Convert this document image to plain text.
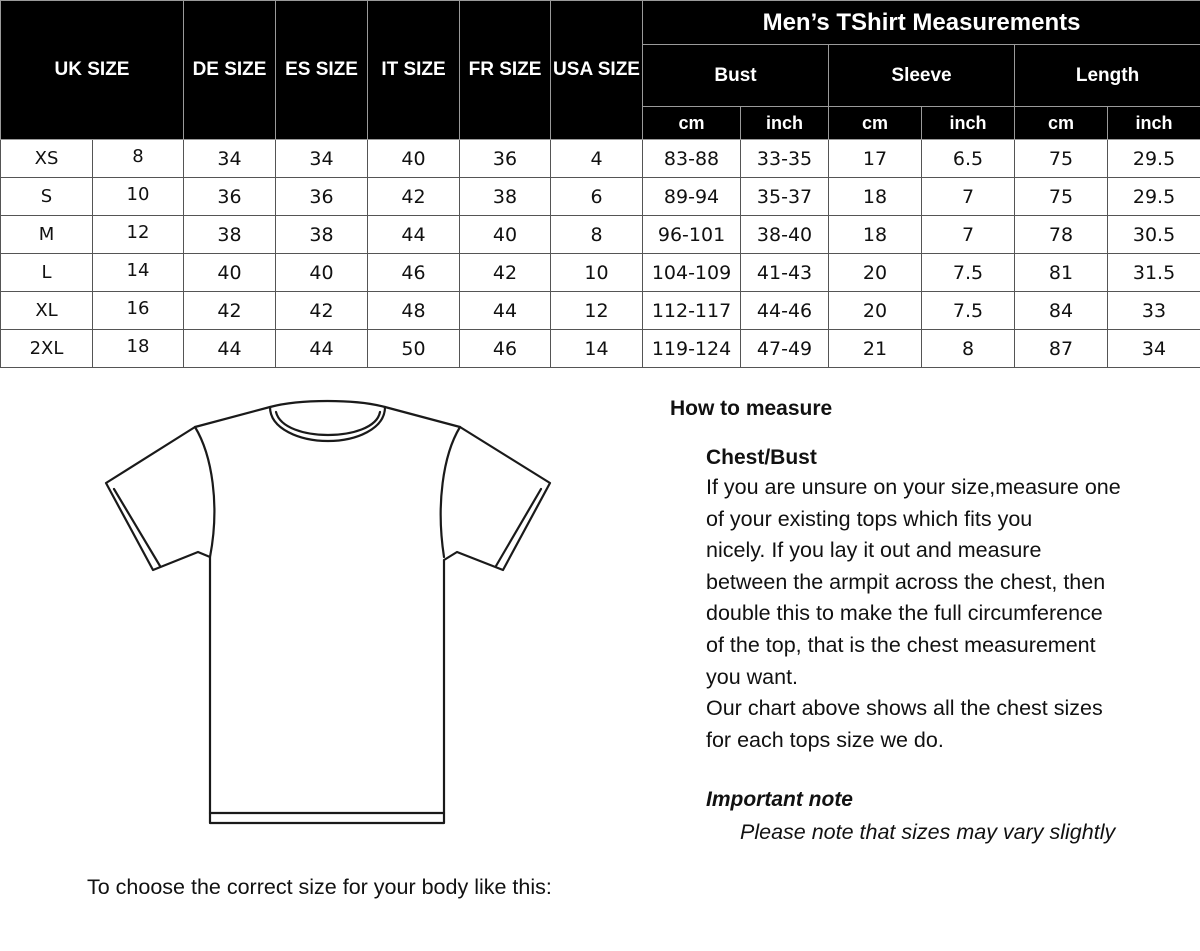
UK SIZE		DE SIZE	ES SIZE	IT SIZE	FR SIZE	USA SIZE	Men’s TShirt Measurements					
							Bust		Sleeve		Length	
							cm	inch	cm	inch	cm	inch
XS	8	34	34	40	36	4	83-88	33-35	17	6.5	75	29.5
S	10	36	36	42	38	6	89-94	35-37	18	7	75	29.5
M	12	38	38	44	40	8	96-101	38-40	18	7	78	30.5
L	14	40	40	46	42	10	104-109	41-43	20	7.5	81	31.5
XL	16	42	42	48	44	12	112-117	44-46	20	7.5	84	33
2XL	18	44	44	50	46	14	119-124	47-49	21	8	87	34
How to measure
Chest/Bust

If you are unsure on your size,measure one

of your existing tops which fits you

nicely. If you lay it out and measure

between the armpit across the chest, then

double this to make the full circumference

of the top, that is the chest measurement

you want.

Our chart above shows all the chest sizes

for each tops size we do.

Important note
Please note that sizes may vary slightly
To choose the correct size for your body like this:
